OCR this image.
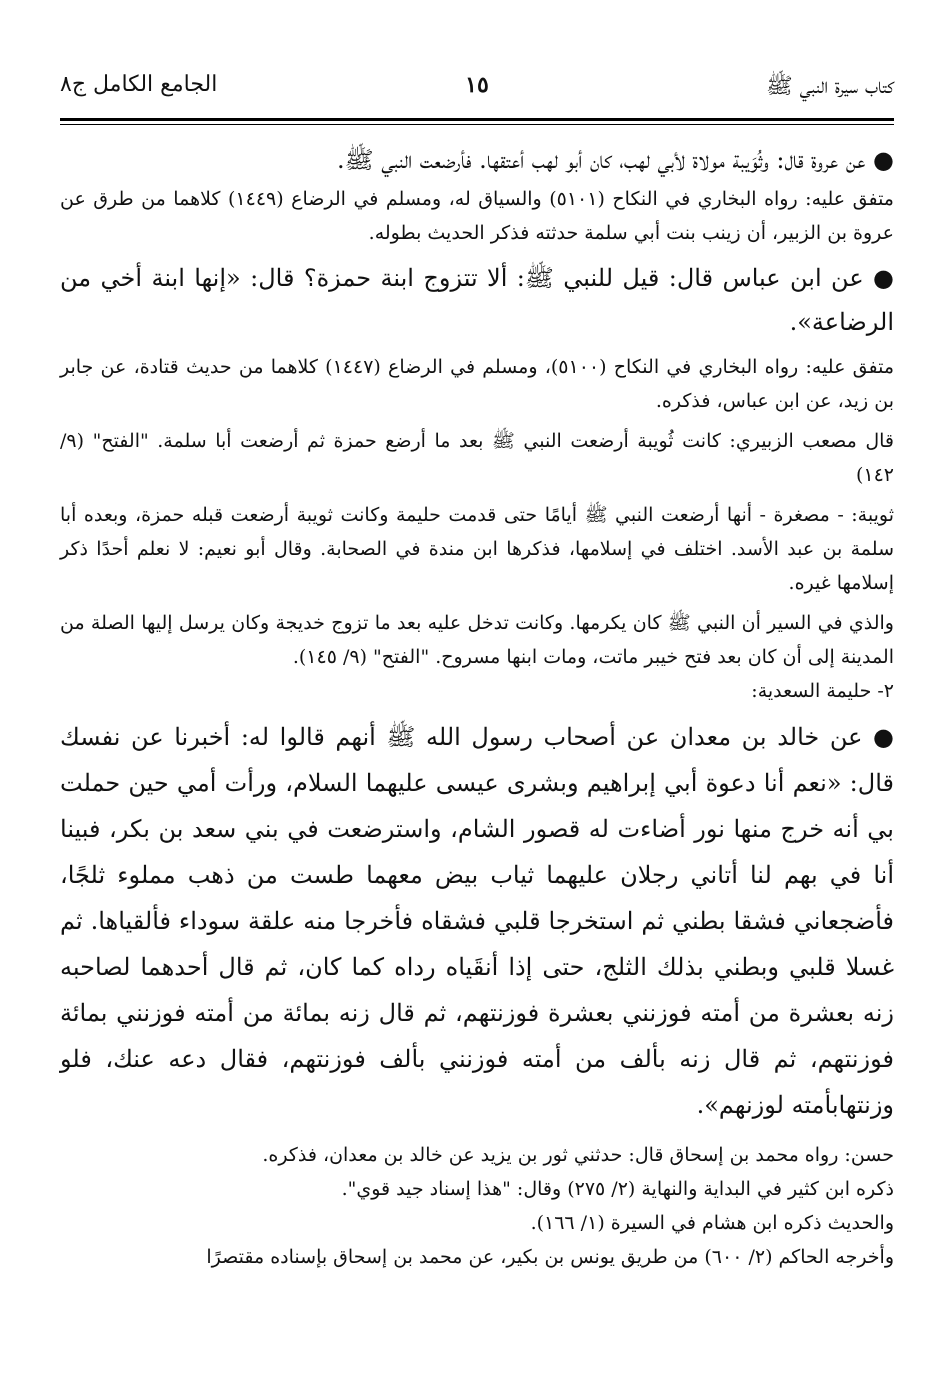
كتاب سيرة النبي ﷺ
١٥
الجامع الكامل ج٨

● عن عروة قال: وثُوَيبة مولاة لأبي لهب، كان أبو لهب أعتقها. فأرضعت النبي ﷺ.

متفق عليه: رواه البخاري في النكاح (٥١٠١) والسياق له، ومسلم في الرضاع (١٤٤٩) كلاهما من طرق عن عروة بن الزبير، أن زينب بنت أبي سلمة حدثته فذكر الحديث بطوله.

● عن ابن عباس قال: قيل للنبي ﷺ: ألا تتزوج ابنة حمزة؟ قال: «إنها ابنة أخي من الرضاعة».

متفق عليه: رواه البخاري في النكاح (٥١٠٠)، ومسلم في الرضاع (١٤٤٧) كلاهما من حديث قتادة، عن جابر بن زيد، عن ابن عباس، فذكره.

قال مصعب الزبيري: كانت ثُويبة أرضعت النبي ﷺ بعد ما أرضع حمزة ثم أرضعت أبا سلمة. "الفتح" (٩/ ١٤٢)

ثويبة: - مصغرة - أنها أرضعت النبي ﷺ أيامًا حتى قدمت حليمة وكانت ثويبة أرضعت قبله حمزة، وبعده أبا سلمة بن عبد الأسد. اختلف في إسلامها، فذكرها ابن مندة في الصحابة. وقال أبو نعيم: لا نعلم أحدًا ذكر إسلامها غيره.

والذي في السير أن النبي ﷺ كان يكرمها. وكانت تدخل عليه بعد ما تزوج خديجة وكان يرسل إليها الصلة من المدينة إلى أن كان بعد فتح خيبر ماتت، ومات ابنها مسروح. "الفتح" (٩/ ١٤٥).

٢- حليمة السعدية:

● عن خالد بن معدان عن أصحاب رسول الله ﷺ أنهم قالوا له: أخبرنا عن نفسك قال: «نعم أنا دعوة أبي إبراهيم وبشرى عيسى عليهما السلام، ورأت أمي حين حملت بي أنه خرج منها نور أضاءت له قصور الشام، واسترضعت في بني سعد بن بكر، فبينا أنا في بهم لنا أتاني رجلان عليهما ثياب بيض معهما طست من ذهب مملوء ثلجًا، فأضجعاني فشقا بطني ثم استخرجا قلبي فشقاه فأخرجا منه علقة سوداء فألقياها. ثم غسلا قلبي وبطني بذلك الثلج، حتى إذا أنقَياه رداه كما كان، ثم قال أحدهما لصاحبه زنه بعشرة من أمته فوزنني بعشرة فوزنتهم، ثم قال زنه بمائة من أمته فوزنني بمائة فوزنتهم، ثم قال زنه بألف من أمته فوزنني بألف فوزنتهم، فقال دعه عنك، فلو وزنتهابأمته لوزنهم».

حسن: رواه محمد بن إسحاق قال: حدثني ثور بن يزيد عن خالد بن معدان، فذكره.

ذكره ابن كثير في البداية والنهاية (٢/ ٢٧٥) وقال: "هذا إسناد جيد قوي".

والحديث ذكره ابن هشام في السيرة (١/ ١٦٦).

وأخرجه الحاكم (٢/ ٦٠٠) من طريق يونس بن بكير، عن محمد بن إسحاق بإسناده مقتصرًا
